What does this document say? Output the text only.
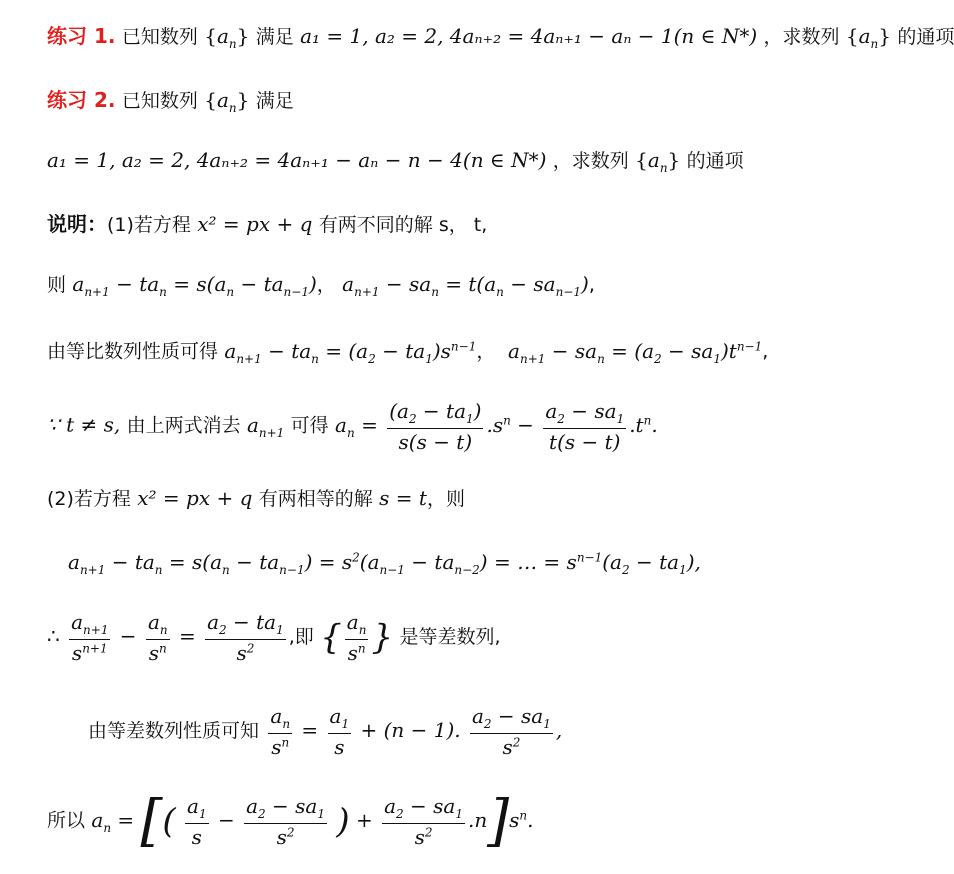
练习 1. 已知数列 $\{a_n\}$ 满足 a₁ = 1, a₂ = 2, 4aₙ₊₂ = 4aₙ₊₁ − aₙ − 1(n ∈ N*) ，求数列 $\{a_n\}$ 的通项
练习 2. 已知数列 $\{a_n\}$ 满足
a₁ = 1, a₂ = 2, 4aₙ₊₂ = 4aₙ₊₁ − aₙ − n − 4(n ∈ N*) ，求数列 $\{a_n\}$ 的通项
说明：(1)若方程 x² = px + q 有两不同的解 s， t,
则 $a_{n+1} - ta_n = s(a_n - ta_{n-1})$， $a_{n+1} - sa_n = t(a_n - sa_{n-1})$,
由等比数列性质可得 $a_{n+1} - ta_n = (a_2 - ta_1)s^{n-1}$，  $a_{n+1} - sa_n = (a_2 - sa_1)t^{n-1}$,
∵ t ≠ s, 由上两式消去 $a_{n+1}$ 可得 $a_n = \frac{(a_2 - ta_1)}{s(s - t)} .s^n - \frac{a_2 - sa_1}{t(s - t)} .t^n$.
(2)若方程 x² = px + q 有两相等的解 s = t，则
$a_{n+1} - ta_n = s(a_n - ta_{n-1}) = s^2(a_{n-1} - ta_{n-2})$ = … = $s^{n-1}(a_2 - ta_1)$,
∴ $\frac{a_{n+1}}{s^{n+1}} - \frac{a_n}{s^n} = \frac{a_2 - ta_1}{s^2}$ ,即 { $\frac{a_n}{s^n}$ } 是等差数列,
由等差数列性质可知 $\frac{a_n}{s^n} = \frac{a_1}{s} + (n - 1)$. $\frac{a_2 - sa_1}{s^2}$ ,
所以 $a_n$ = [( $\frac{a_1}{s} - \frac{a_2 - sa_1}{s^2}$ ) + $\frac{a_2 - sa_1}{s^2} .n]s^n$.
